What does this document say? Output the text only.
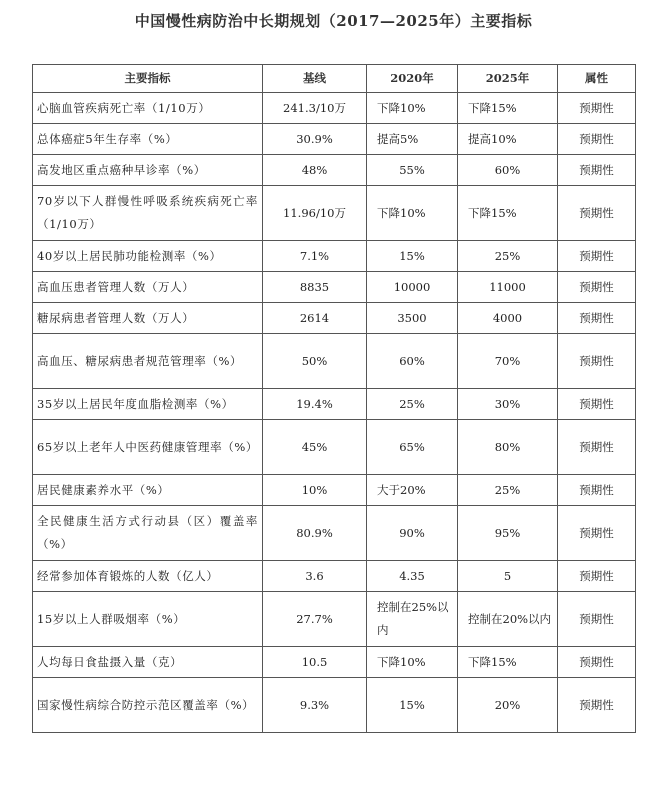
中国慢性病防治中长期规划（2017—2025年）主要指标
主要指标	基线	2020年	2025年	属性
心脑血管疾病死亡率（1/10万）	241.3/10万	下降10%	下降15%	预期性
总体癌症5年生存率（%）	30.9%	提高5%	提高10%	预期性
高发地区重点癌种早诊率（%）	48%	55%	60%	预期性
70岁以下人群慢性呼吸系统疾病死亡率（1/10万）	11.96/10万	下降10%	下降15%	预期性
40岁以上居民肺功能检测率（%）	7.1%	15%	25%	预期性
高血压患者管理人数（万人）	8835	10000	11000	预期性
糖尿病患者管理人数（万人）	2614	3500	4000	预期性
高血压、糖尿病患者规范管理率（%）	50%	60%	70%	预期性
35岁以上居民年度血脂检测率（%）	19.4%	25%	30%	预期性
65岁以上老年人中医药健康管理率（%）	45%	65%	80%	预期性
居民健康素养水平（%）	10%	大于20%	25%	预期性
全民健康生活方式行动县（区）覆盖率（%）	80.9%	90%	95%	预期性
经常参加体育锻炼的人数（亿人）	3.6	4.35	5	预期性
15岁以上人群吸烟率（%）	27.7%	控制在25%以内	控制在20%以内	预期性
人均每日食盐摄入量（克）	10.5	下降10%	下降15%	预期性
国家慢性病综合防控示范区覆盖率（%）	9.3%	15%	20%	预期性
